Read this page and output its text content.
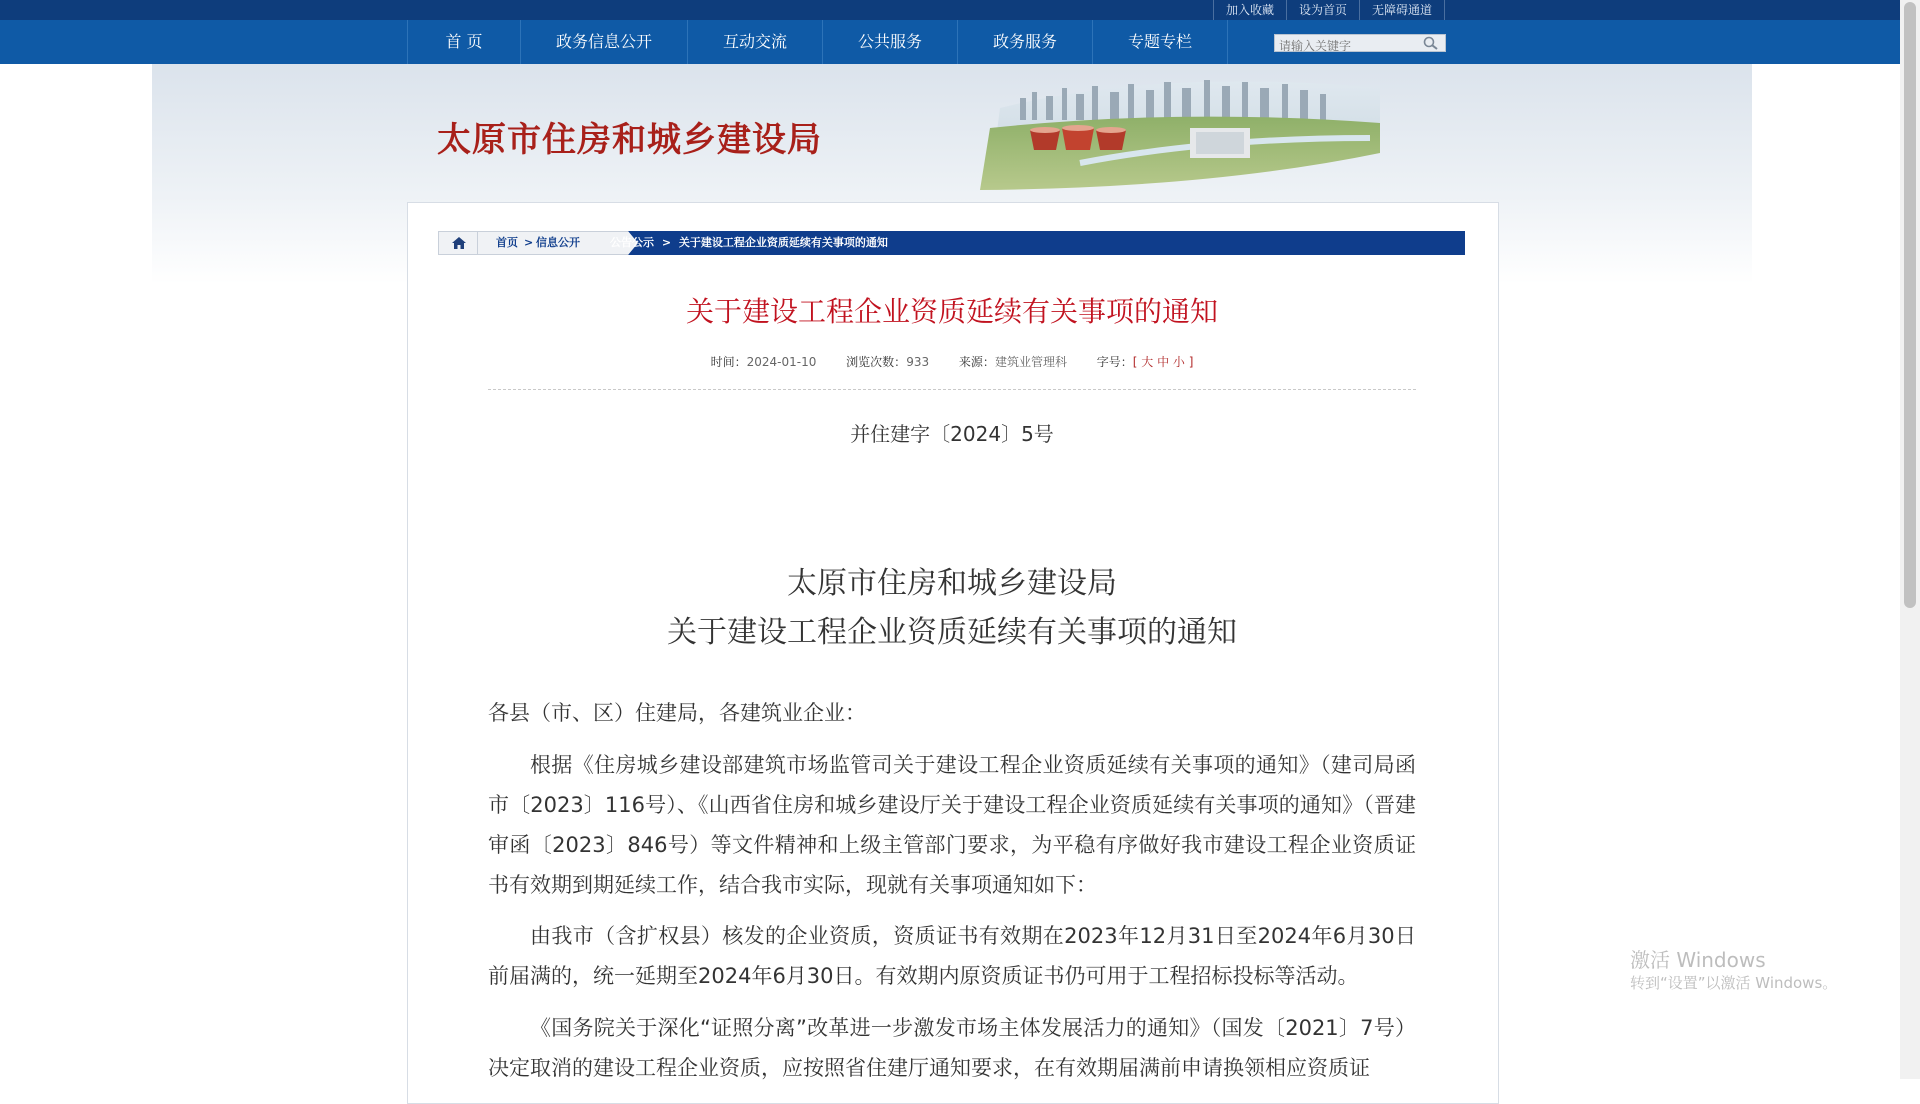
加入收藏	设为首页	无障碍通道
首 页	政务信息公开	互动交流	公共服务	政务服务	专题专栏
请输入关键字
太原市住房和城乡建设局
首页 > 信息公开	公告公示 > 关于建设工程企业资质延续有关事项的通知
关于建设工程企业资质延续有关事项的通知
时间：2024-01-10 浏览次数：933 来源：建筑业管理科 字号：[ 大 中 小 ]
并住建字〔2024〕5号
太原市住房和城乡建设局
关于建设工程企业资质延续有关事项的通知
各县（市、区）住建局，各建筑业企业：
根据《住房城乡建设部建筑市场监管司关于建设工程企业资质延续有关事项的通知》（建司局函市〔2023〕116号）、《山西省住房和城乡建设厅关于建设工程企业资质延续有关事项的通知》（晋建审函〔2023〕846号）等文件精神和上级主管部门要求，为平稳有序做好我市建设工程企业资质证书有效期到期延续工作，结合我市实际，现就有关事项通知如下：
由我市（含扩权县）核发的企业资质，资质证书有效期在2023年12月31日至2024年6月30日前届满的，统一延期至2024年6月30日。有效期内原资质证书仍可用于工程招标投标等活动。
《国务院关于深化“证照分离”改革进一步激发市场主体发展活力的通知》（国发〔2021〕7号）决定取消的建设工程企业资质，应按照省住建厅通知要求，在有效期届满前申请换领相应资质证
激活 Windows
转到“设置”以激活 Windows。
